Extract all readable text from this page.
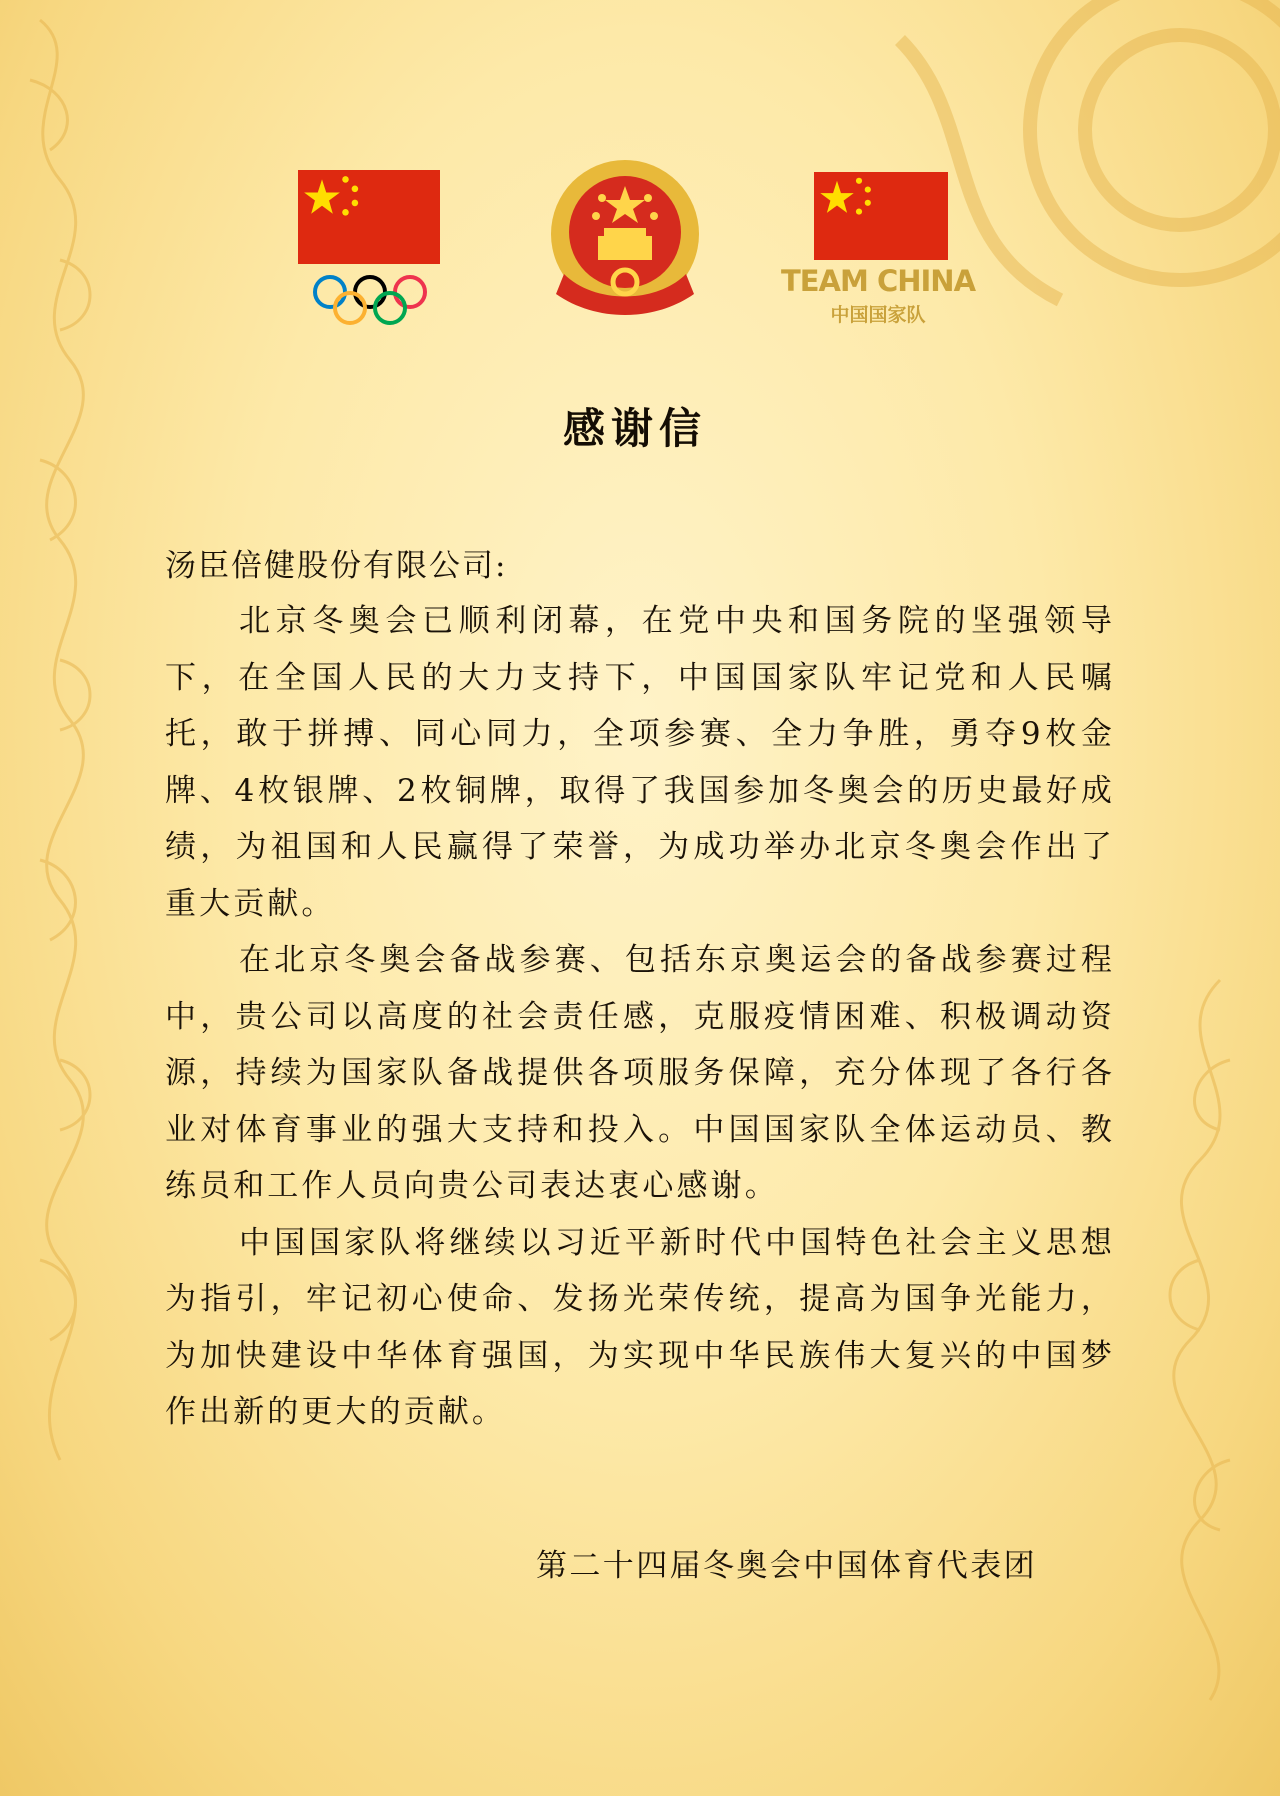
TEAM CHINA
中国国家队
感谢信
汤臣倍健股份有限公司:

北京冬奥会已顺利闭幕，在党中央和国务院的坚强领导下，在全国人民的大力支持下，中国国家队牢记党和人民嘱托，敢于拼搏、同心同力，全项参赛、全力争胜，勇夺9枚金牌、4枚银牌、2枚铜牌，取得了我国参加冬奥会的历史最好成绩，为祖国和人民赢得了荣誉，为成功举办北京冬奥会作出了重大贡献。

在北京冬奥会备战参赛、包括东京奥运会的备战参赛过程中，贵公司以高度的社会责任感，克服疫情困难、积极调动资源，持续为国家队备战提供各项服务保障，充分体现了各行各业对体育事业的强大支持和投入。中国国家队全体运动员、教练员和工作人员向贵公司表达衷心感谢。

中国国家队将继续以习近平新时代中国特色社会主义思想为指引，牢记初心使命、发扬光荣传统，提高为国争光能力，为加快建设中华体育强国，为实现中华民族伟大复兴的中国梦作出新的更大的贡献。

第二十四届冬奥会中国体育代表团
